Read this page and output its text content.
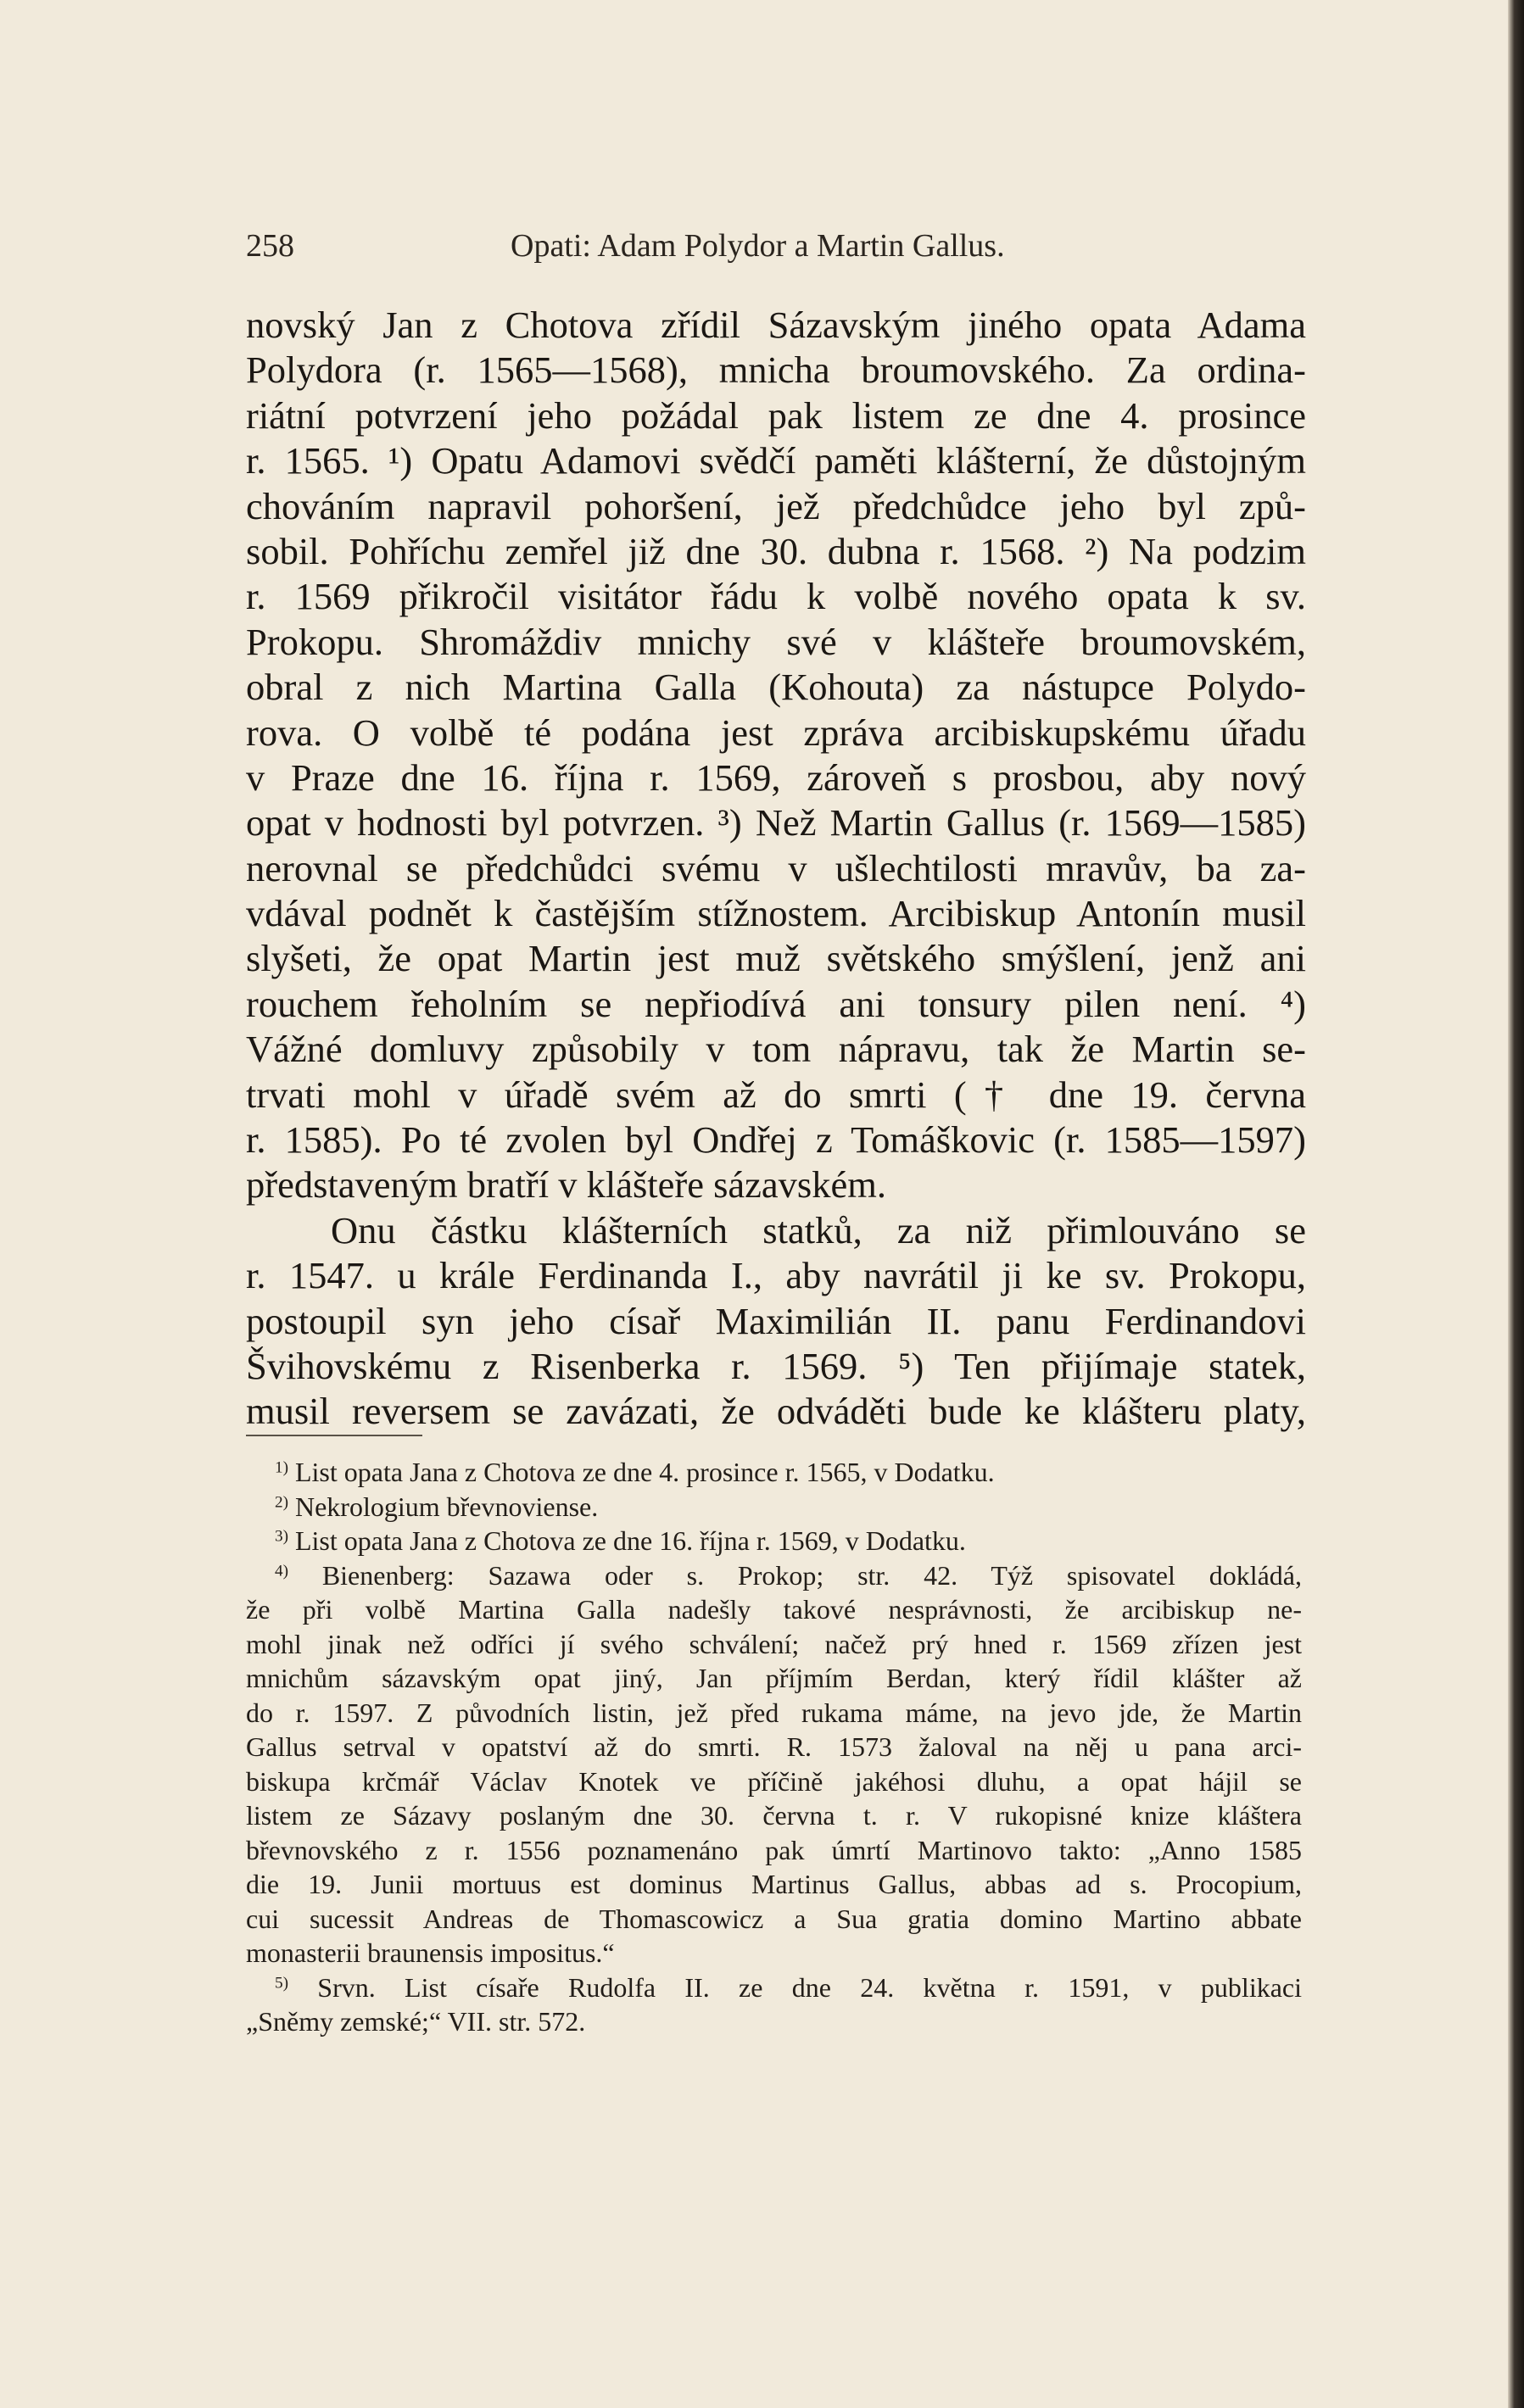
258	Opati: Adam Polydor a Martin Gallus.
novský Jan z Chotova zřídil Sázavským jiného opata Adama
Polydora (r. 1565—1568), mnicha broumovského. Za ordina-
riátní potvrzení jeho požádal pak listem ze dne 4. prosince
r. 1565. ¹) Opatu Adamovi svědčí paměti klášterní, že důstojným
chováním napravil pohoršení, jež předchůdce jeho byl způ-
sobil. Pohříchu zemřel již dne 30. dubna r. 1568. ²) Na podzim
r. 1569 přikročil visitátor řádu k volbě nového opata k sv.
Prokopu. Shromáždiv mnichy své v klášteře broumovském,
obral z nich Martina Galla (Kohouta) za nástupce Polydo-
rova. O volbě té podána jest zpráva arcibiskupskému úřadu
v Praze dne 16. října r. 1569, zároveň s prosbou, aby nový
opat v hodnosti byl potvrzen. ³) Než Martin Gallus (r. 1569—1585)
nerovnal se předchůdci svému v ušlechtilosti mravův, ba za-
vdával podnět k častějším stížnostem. Arcibiskup Antonín musil
slyšeti, že opat Martin jest muž světského smýšlení, jenž ani
rouchem řeholním se nepřiodívá ani tonsury pilen není. ⁴)
Vážné domluvy způsobily v tom nápravu, tak že Martin se-
trvati mohl v úřadě svém až do smrti († dne 19. června
r. 1585). Po té zvolen byl Ondřej z Tomáškovic (r. 1585—1597)
představeným bratří v klášteře sázavském.
Onu částku klášterních statků, za niž přimlouváno se
r. 1547. u krále Ferdinanda I., aby navrátil ji ke sv. Prokopu,
postoupil syn jeho císař Maximilián II. panu Ferdinandovi
Švihovskému z Risenberka r. 1569. ⁵) Ten přijímaje statek,
musil reversem se zavázati, že odváděti bude ke klášteru platy,
$^{1)}$ List opata Jana z Chotova ze dne 4. prosince r. 1565, v Dodatku.
$^{2)}$ Nekrologium břevnoviense.
$^{3)}$ List opata Jana z Chotova ze dne 16. října r. 1569, v Dodatku.
$^{4)}$ Bienenberg: Sazawa oder s. Prokop; str. 42. Týž spisovatel dokládá,
že při volbě Martina Galla nadešly takové nesprávnosti, že arcibiskup ne-
mohl jinak než odříci jí svého schválení; načež prý hned r. 1569 zřízen jest
mnichům sázavským opat jiný, Jan příjmím Berdan, který řídil klášter až
do r. 1597. Z původních listin, jež před rukama máme, na jevo jde, že Martin
Gallus setrval v opatství až do smrti. R. 1573 žaloval na něj u pana arci-
biskupa krčmář Václav Knotek ve příčině jakéhosi dluhu, a opat hájil se
listem ze Sázavy poslaným dne 30. června t. r. V rukopisné knize kláštera
břevnovského z r. 1556 poznamenáno pak úmrtí Martinovo takto: „Anno 1585
die 19. Junii mortuus est dominus Martinus Gallus, abbas ad s. Procopium,
cui sucessit Andreas de Thomascowicz a Sua gratia domino Martino abbate
monasterii braunensis impositus.“
$^{5)}$ Srvn. List císaře Rudolfa II. ze dne 24. května r. 1591, v publikaci
„Sněmy zemské;“ VII. str. 572.
